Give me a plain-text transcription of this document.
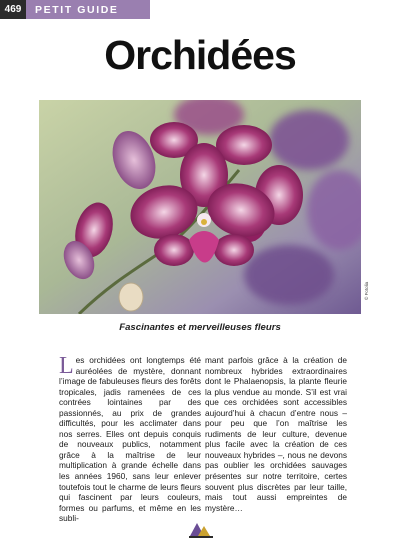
469	PETIT GUIDE
Orchidées
© Fotolia
Fascinantes et merveilleuses fleurs
Les orchidées ont longtemps été auréolées de mystère, donnant l’image de fabuleuses fleurs des forêts tropicales, jadis ramenées de ces contrées lointaines par des passionnés, au prix de grandes difficultés, pour les acclimater dans nos serres. Elles ont depuis conquis de nouveaux publics, notamment grâce à la maîtrise de leur multiplication à grande échelle dans les années 1960, sans leur enlever toutefois tout le charme de leurs fleurs qui fascinent par leurs couleurs, formes ou parfums, et même en les subli-
mant parfois grâce à la création de nombreux hybrides extraordinaires dont le Phalaenopsis, la plante fleurie la plus vendue au monde. S’il est vrai que ces orchidées sont accessibles aujourd’hui à chacun d’entre nous – pour peu que l’on maîtrise les rudiments de leur culture, devenue plus facile avec la création de ces nouveaux hybrides –, nous ne devons pas oublier les orchidées sauvages présentes sur notre territoire, certes souvent plus discrètes par leur taille, mais tout aussi empreintes de mystère…
